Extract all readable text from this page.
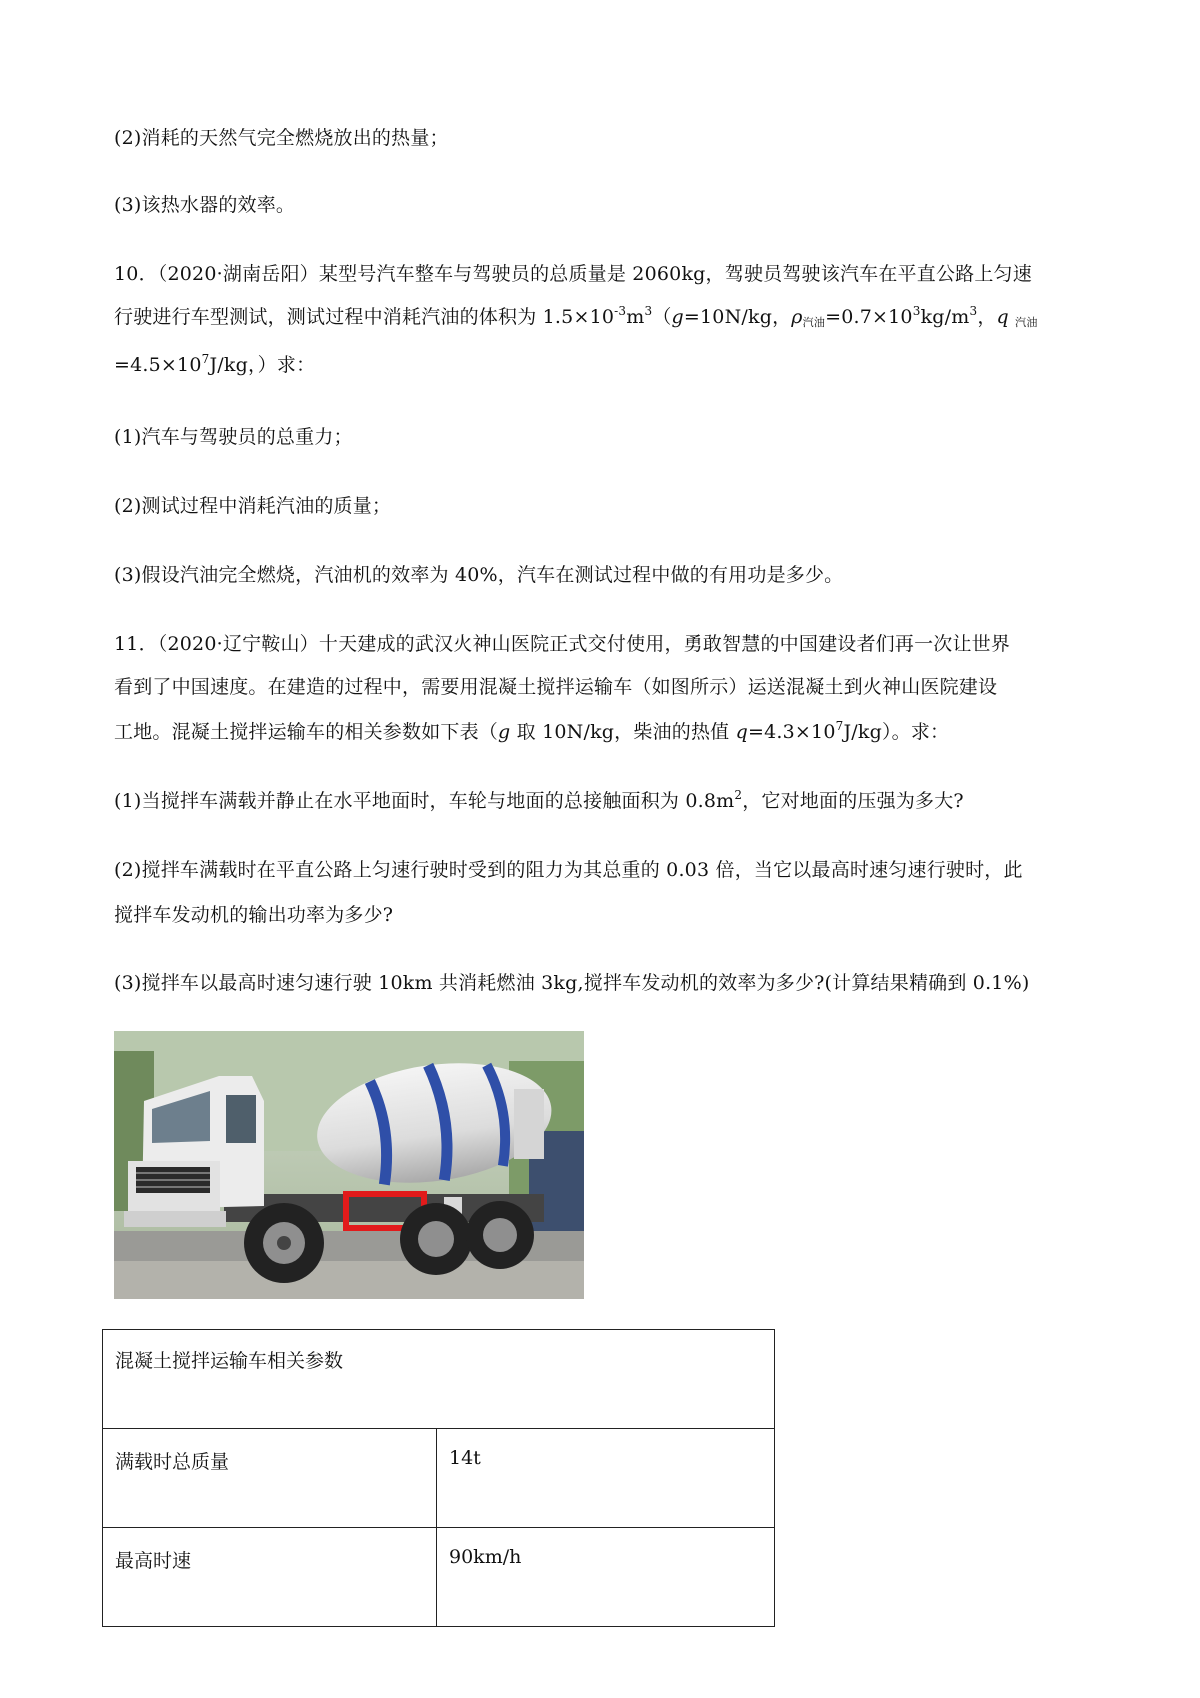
(2)消耗的天然气完全燃烧放出的热量；
(3)该热水器的效率。
10．（2020·湖南岳阳）某型号汽车整车与驾驶员的总质量是 2060kg，驾驶员驾驶该汽车在平直公路上匀速
行驶进行车型测试，测试过程中消耗汽油的体积为 $1.5\times 10^{-3}m^3(g=10N/kg$，$\rho_{汽油}=0.7\times 10^3kg/m^3$，q $_{汽油}$
$=4.5\times 10^7J/kg$，）求：
(1)汽车与驾驶员的总重力；
(2)测试过程中消耗汽油的质量；
(3)假设汽油完全燃烧，汽油机的效率为 40%，汽车在测试过程中做的有用功是多少。
11．（2020·辽宁鞍山）十天建成的武汉火神山医院正式交付使用，勇敢智慧的中国建设者们再一次让世界
看到了中国速度。在建造的过程中，需要用混凝土搅拌运输车（如图所示）运送混凝土到火神山医院建设
工地。混凝土搅拌运输车的相关参数如下表（g 取 10N/kg，柴油的热值 $q=4.3\times 10^7J/kg$）。求：
(1)当搅拌车满载并静止在水平地面时，车轮与地面的总接触面积为 $0.8m^2$，它对地面的压强为多大?
(2)搅拌车满载时在平直公路上匀速行驶时受到的阻力为其总重的 0.03 倍，当它以最高时速匀速行驶时，此
搅拌车发动机的输出功率为多少?
(3)搅拌车以最高时速匀速行驶 10km 共消耗燃油 3kg,搅拌车发动机的效率为多少?(计算结果精确到 0.1%)
混凝土搅拌运输车相关参数	
满载时总质量	14t
最高时速	90km/h
